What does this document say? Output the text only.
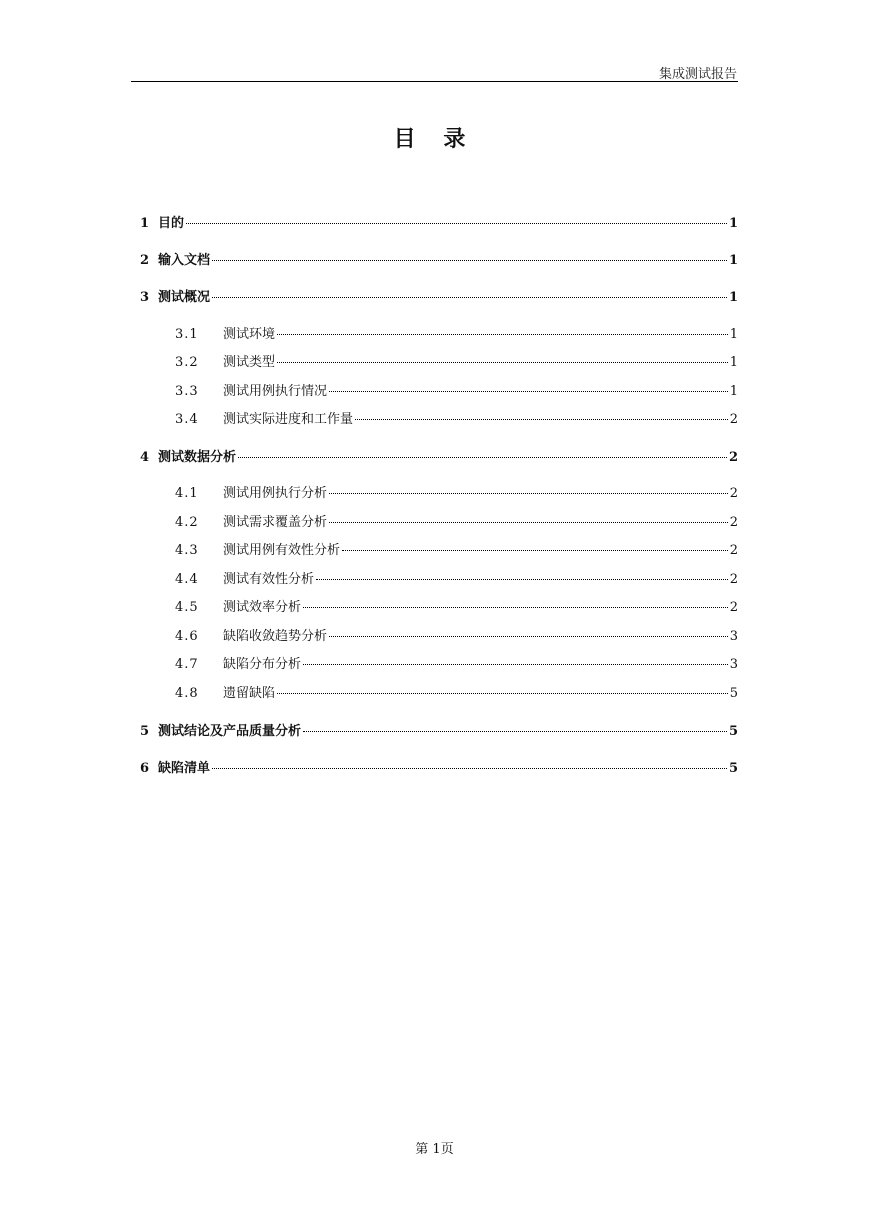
集成测试报告
目 录
1 目的	1
2 输入文档	1
3 测试概况	1
3.1	测试环境	1
3.2	测试类型	1
3.3	测试用例执行情况	1
3.4	测试实际进度和工作量	2
4 测试数据分析	2
4.1	测试用例执行分析	2
4.2	测试需求覆盖分析	2
4.3	测试用例有效性分析	2
4.4	测试有效性分析	2
4.5	测试效率分析	2
4.6	缺陷收敛趋势分析	3
4.7	缺陷分布分析	3
4.8	遗留缺陷	5
5 测试结论及产品质量分析	5
6 缺陷清单	5
第 1页
